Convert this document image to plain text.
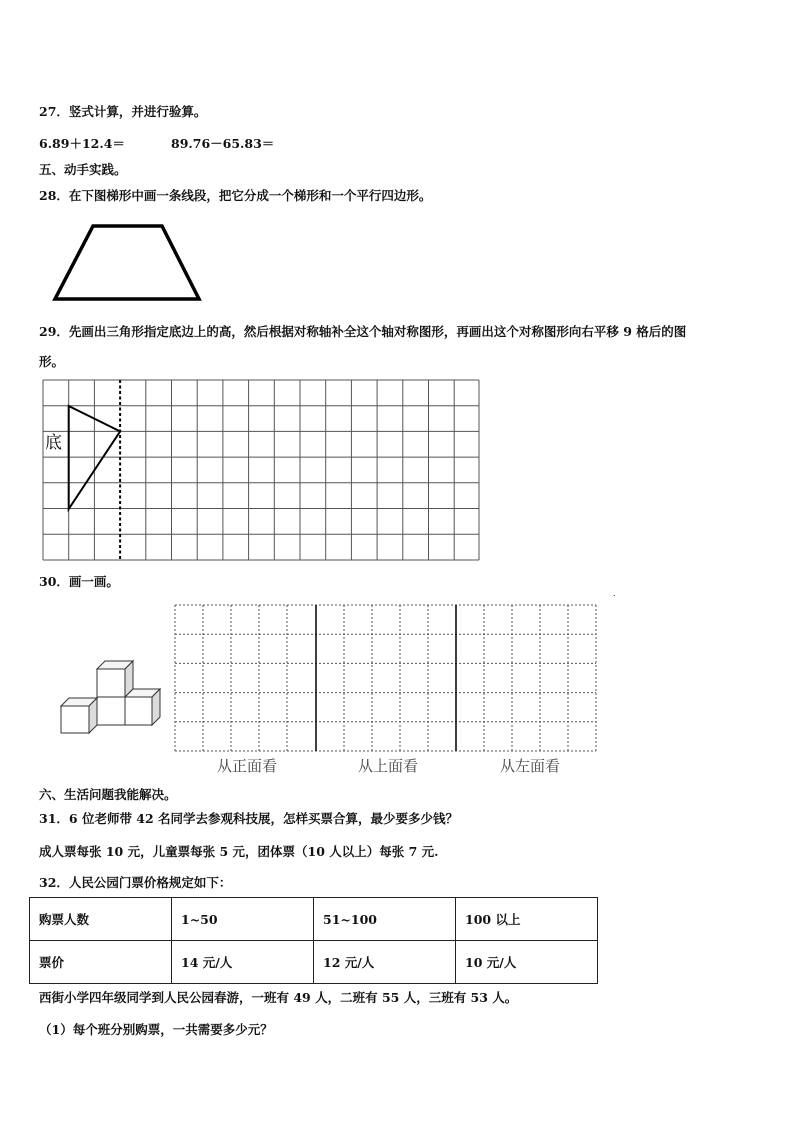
27．竖式计算，并进行验算。
6.89＋12.4＝	89.76－65.83＝
五、动手实践。
28．在下图梯形中画一条线段，把它分成一个梯形和一个平行四边形。
29．先画出三角形指定底边上的高，然后根据对称轴补全这个轴对称图形，再画出这个对称图形向右平移 9 格后的图
形。
底
30．画一画。
.
从正面看	从上面看	从左面看
六、生活问题我能解决。
31．6 位老师带 42 名同学去参观科技展，怎样买票合算，最少要多少钱？
成人票每张 10 元，儿童票每张 5 元，团体票（10 人以上）每张 7 元.
32．人民公园门票价格规定如下：
购票人数	1~50	51~100	100 以上
票价	14 元/人	12 元/人	10 元/人
西街小学四年级同学到人民公园春游，一班有 49 人，二班有 55 人，三班有 53 人。
（1）每个班分别购票，一共需要多少元？
